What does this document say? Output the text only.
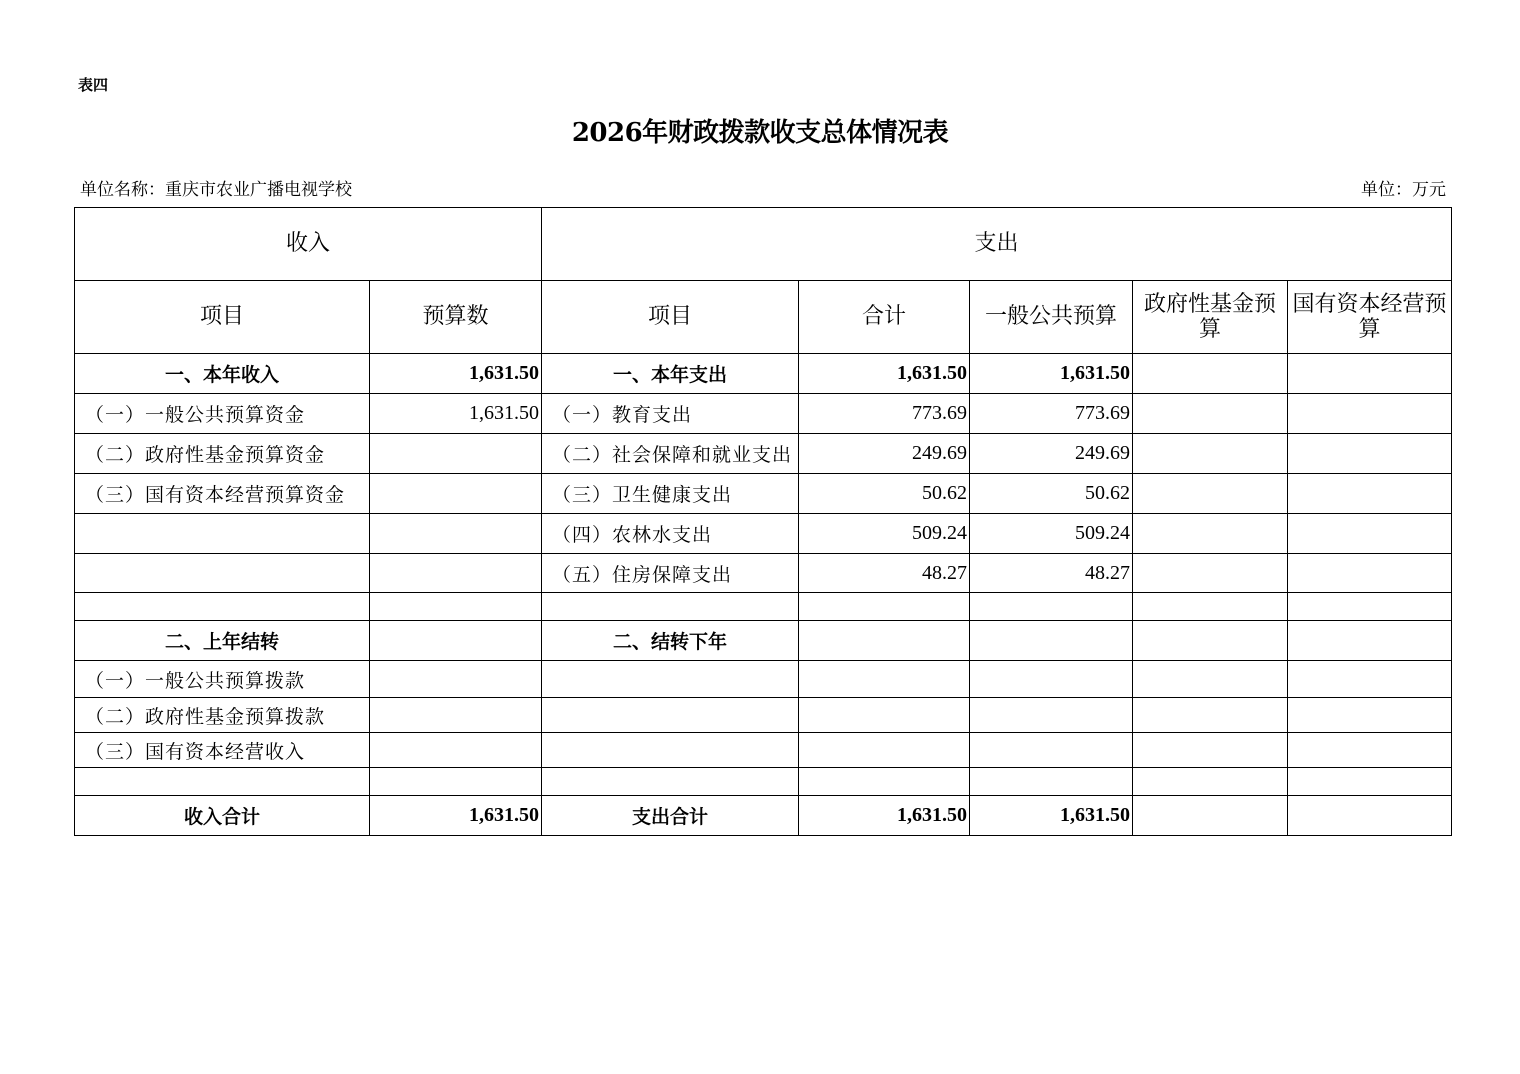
表四
2026年财政拨款收支总体情况表
单位名称：重庆市农业广播电视学校	单位：万元
收入		支出				
项目	预算数	项目	合计	一般公共预算	政府性基金预算	国有资本经营预算
一、本年收入	1,631.50	一、本年支出	1,631.50	1,631.50		
（一）一般公共预算资金	1,631.50	（一）教育支出	773.69	773.69		
（二）政府性基金预算资金		（二）社会保障和就业支出	249.69	249.69		
（三）国有资本经营预算资金		（三）卫生健康支出	50.62	50.62		
		（四）农林水支出	509.24	509.24		
		（五）住房保障支出	48.27	48.27		

二、上年结转		二、结转下年				
（一）一般公共预算拨款						
（二）政府性基金预算拨款						
（三）国有资本经营收入						

收入合计	1,631.50	支出合计	1,631.50	1,631.50		
